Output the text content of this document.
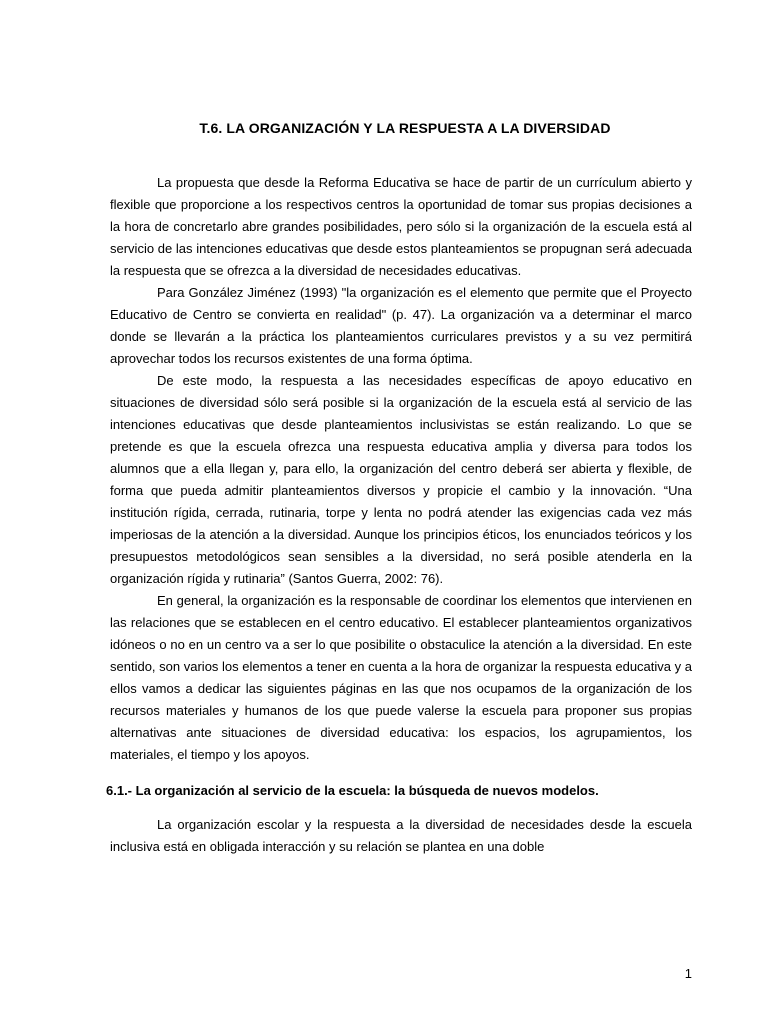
T.6. LA ORGANIZACIÓN Y LA RESPUESTA A LA DIVERSIDAD

La propuesta que desde la Reforma Educativa se hace de partir de un currículum abierto y flexible que proporcione a los respectivos centros la oportunidad de tomar sus propias decisiones a la hora de concretarlo abre grandes posibilidades, pero sólo si la organización de la escuela está al servicio de las intenciones educativas que desde estos planteamientos se propugnan será adecuada la respuesta que se ofrezca a la diversidad de necesidades educativas.

Para González Jiménez (1993) "la organización es el elemento que permite que el Proyecto Educativo de Centro se convierta en realidad" (p. 47). La organización va a determinar el marco donde se llevarán a la práctica los planteamientos curriculares previstos y a su vez permitirá aprovechar todos los recursos existentes de una forma óptima.

De este modo, la respuesta a las necesidades específicas de apoyo educativo en situaciones de diversidad sólo será posible si la organización de la escuela está al servicio de las intenciones educativas que desde planteamientos inclusivistas se están realizando. Lo que se pretende es que la escuela ofrezca una respuesta educativa amplia y diversa para todos los alumnos que a ella llegan y, para ello, la organización del centro deberá ser abierta y flexible, de forma que pueda admitir planteamientos diversos y propicie el cambio y la innovación. “Una institución rígida, cerrada, rutinaria, torpe y lenta no podrá atender las exigencias cada vez más imperiosas de la atención a la diversidad. Aunque los principios éticos, los enunciados teóricos y los presupuestos metodológicos sean sensibles a la diversidad, no será posible atenderla en la organización rígida y rutinaria” (Santos Guerra, 2002: 76).

En general, la organización es la responsable de coordinar los elementos que intervienen en las relaciones que se establecen en el centro educativo. El establecer planteamientos organizativos idóneos o no en un centro va a ser lo que posibilite o obstaculice la atención a la diversidad. En este sentido, son varios los elementos a tener en cuenta a la hora de organizar la respuesta educativa y a ellos vamos a dedicar las siguientes páginas en las que nos ocupamos de la organización de los recursos materiales y humanos de los que puede valerse la escuela para proponer sus propias alternativas ante situaciones de diversidad educativa: los espacios, los agrupamientos, los materiales, el tiempo y los apoyos.

6.1.- La organización al servicio de la escuela: la búsqueda de nuevos modelos.

La organización escolar y la respuesta a la diversidad de necesidades desde la escuela inclusiva está en obligada interacción y su relación se plantea en una doble

1
